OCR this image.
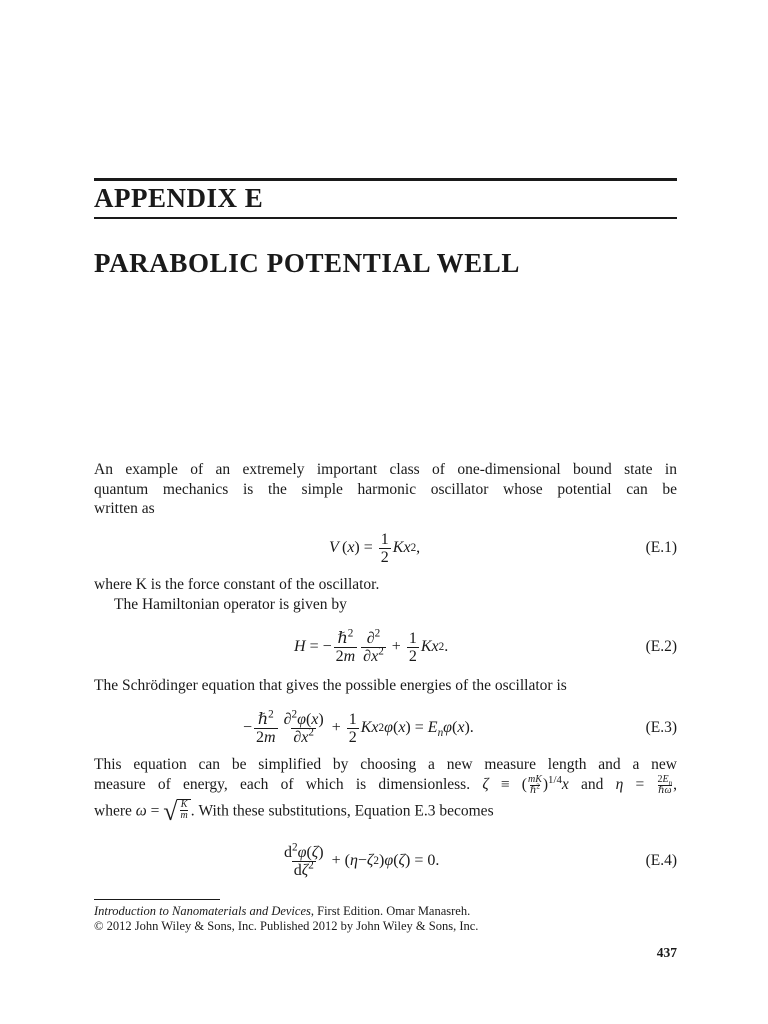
APPENDIX E
PARABOLIC POTENTIAL WELL
An example of an extremely important class of one-dimensional bound state in
quantum mechanics is the simple harmonic oscillator whose potential can be
written as
V  ( x ) = $\frac{1}{2}$ Kx 2 ,	(E.1)
where K is the force constant of the oscillator.
The Hamiltonian operator is given by
H = − $\frac{\hbar^2}{2m} \frac{\partial^2}{\partial x^2} + \frac{1}{2}$ Kx 2 .	(E.2)
The Schrödinger equation that gives the possible energies of the oscillator is
− $\frac{\hbar^2}{2m} \frac{\partial^2\varphi(x)}{\partial x^2} + \frac{1}{2}$ Kx 2 φ ( x ) = $E_n\varphi$ ( x ).	(E.3)
This equation can be simplified by choosing a new measure length and a new
measure of energy, each of which is dimensionless. ζ ≡ ( mK
ℏ$^2$ )$^{1/4}$x and $\eta = 2E_n$
ℏω ,
where ω = √ $\frac{K}{m}$ . With these substitutions, Equation E.3 becomes
$\frac{d^2\varphi(\zeta)}{d\zeta^2}$ + ( η − ζ 2 ) φ ( ζ ) = 0.	(E.4)
Introduction to Nanomaterials and Devices, First Edition. Omar Manasreh.
© 2012 John Wiley & Sons, Inc. Published 2012 by John Wiley & Sons, Inc.
437
